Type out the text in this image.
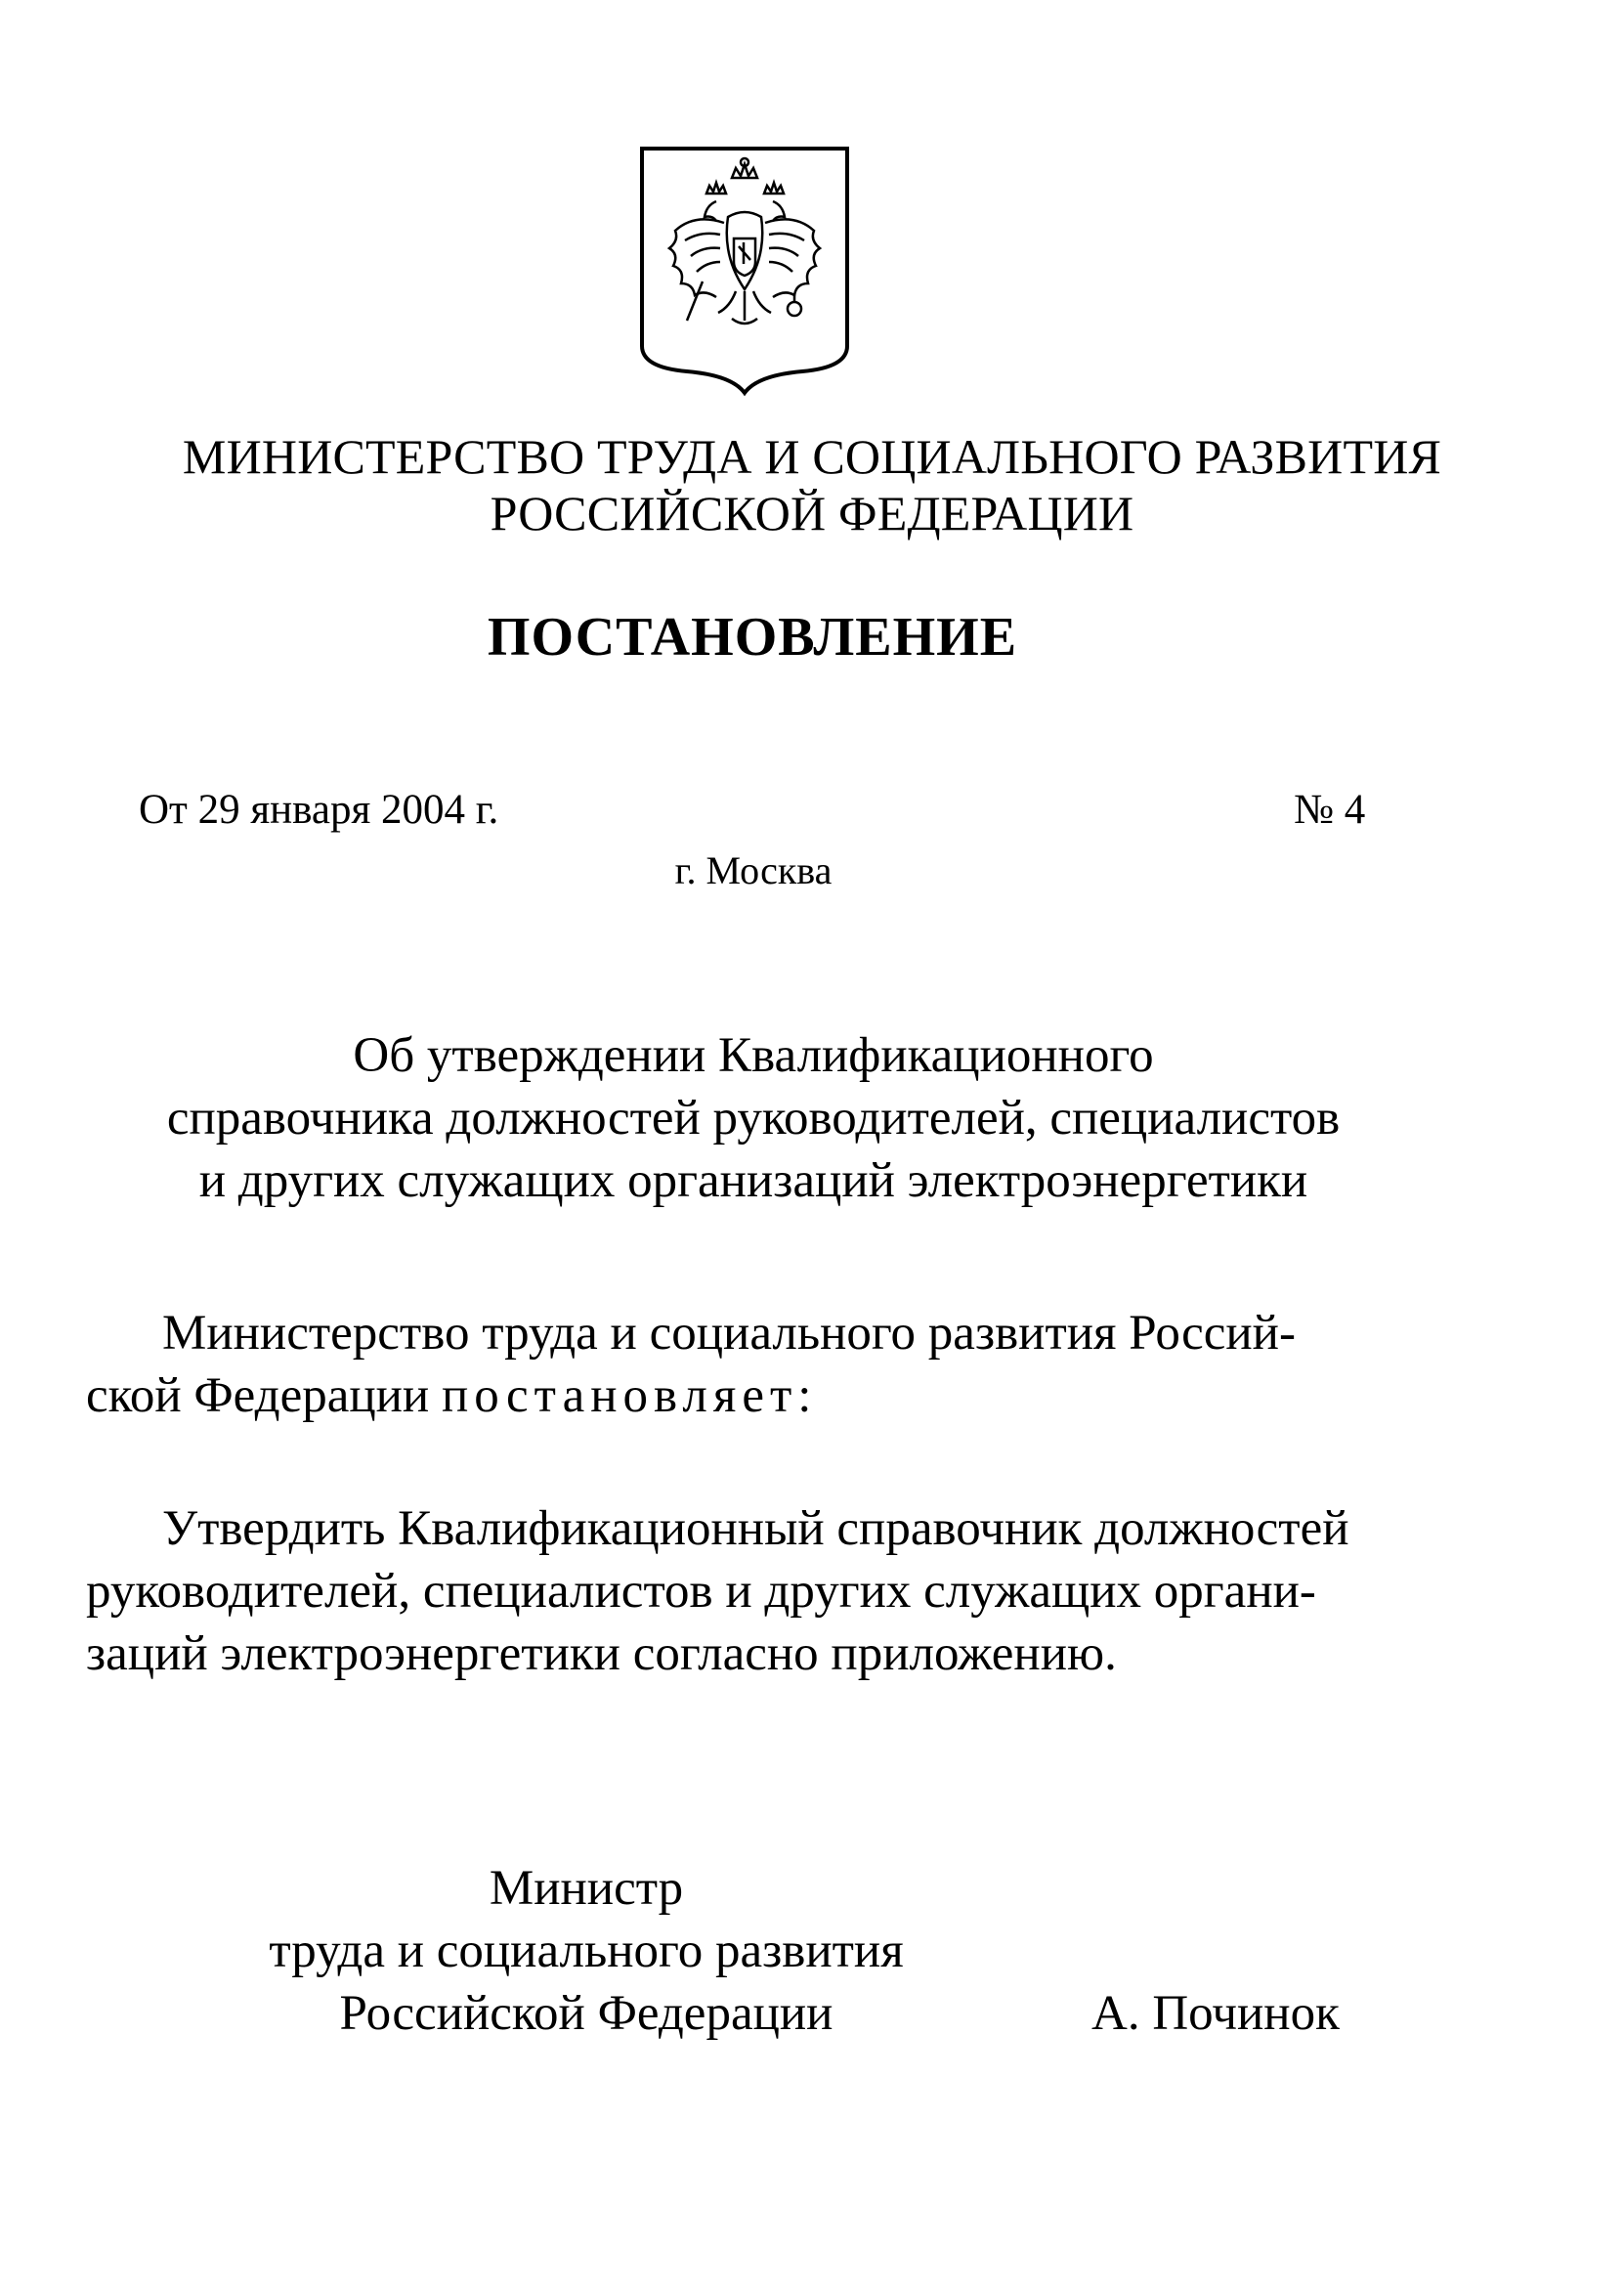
МИНИСТЕРСТВО ТРУДА И СОЦИАЛЬНОГО РАЗВИТИЯ
РОССИЙСКОЙ ФЕДЕРАЦИИ
ПОСТАНОВЛЕНИЕ
От 29 января 2004 г.	№ 4
г. Москва
Об утверждении Квалификационного
справочника должностей руководителей, специалистов
и других служащих организаций электроэнергетики
Министерство труда и социального развития Россий-
ской Федерации постановляет:
Утвердить Квалификационный справочник должностей
руководителей, специалистов и других служащих органи-
заций электроэнергетики согласно приложению.
Министр
труда и социального развития
Российской Федерации	А. Починок
